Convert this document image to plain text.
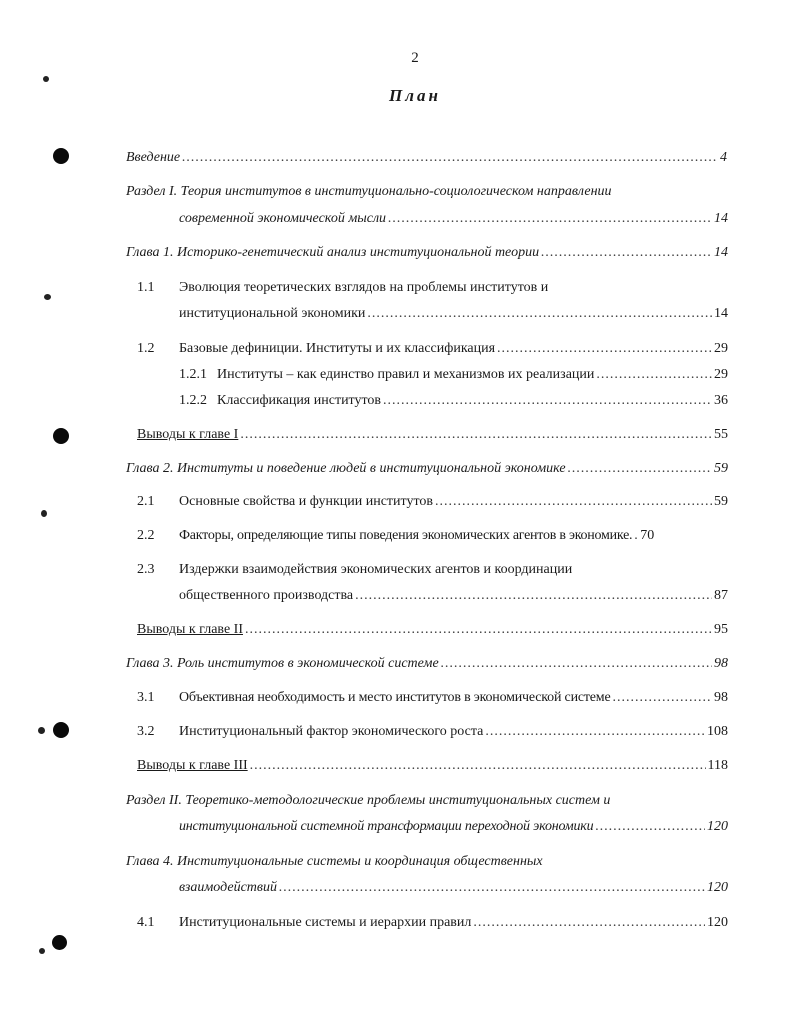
2
План
Введение .....	4
Раздел I. Теория институтов в институционально-социологическом направлении
современной экономической мысли .....	14
Глава 1. Историко-генетический анализ институциональной теории .....	14
1.1 Эволюция теоретических взглядов на проблемы институтов и
институциональной экономики .....	14
1.2 Базовые дефиниции. Институты и их классификация .....	29
1.2.1 Институты – как единство правил и механизмов их реализации .....	29
1.2.2 Классификация институтов .....	36
Выводы к главе I .....	55
Глава 2. Институты и поведение людей в институциональной экономике .....	59
2.1 Основные свойства и функции институтов .....	59
2.2 Факторы, определяющие типы поведения экономических агентов в экономике. ..... 70
2.3 Издержки взаимодействия экономических агентов и координации
общественного производства .....	87
Выводы к главе II .....	95
Глава 3. Роль институтов в экономической системе .....	98
3.1 Объективная необходимость и место институтов в экономической системе .....	98
3.2 Институциональный фактор экономического роста .....	108
Выводы к главе III .....	118
Раздел II. Теоретико-методологические проблемы институциональных систем и
институциональной системной трансформации переходной экономики .....	120
Глава 4. Институциональные системы и координация общественных
взаимодействий .....	120
4.1 Институциональные системы и иерархии правил .....	120
